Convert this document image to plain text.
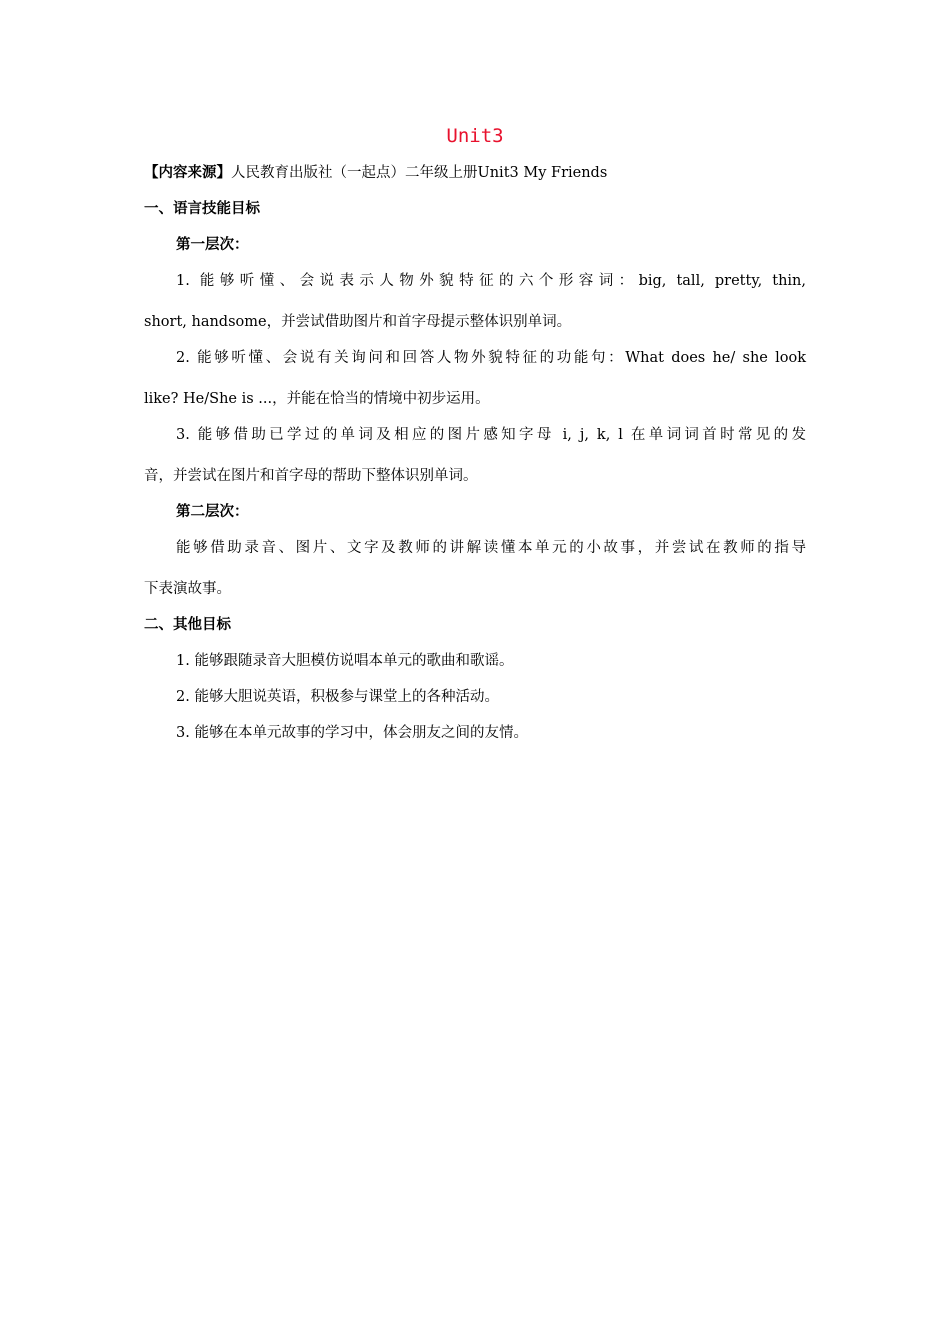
Unit3
【内容来源】人民教育出版社（一起点）二年级上册Unit3 My Friends
一、语言技能目标
第一层次：
1. 能够听懂、会说表示人物外貌特征的六个形容词：big, tall, pretty, thin,
short, handsome，并尝试借助图片和首字母提示整体识别单词。
2. 能够听懂、会说有关询问和回答人物外貌特征的功能句：What does he/ she look
like? He/She is ...，并能在恰当的情境中初步运用。
3. 能够借助已学过的单词及相应的图片感知字母 i, j, k, l 在单词词首时常见的发
音，并尝试在图片和首字母的帮助下整体识别单词。
第二层次：
能够借助录音、图片、文字及教师的讲解读懂本单元的小故事，并尝试在教师的指导
下表演故事。
二、其他目标
1. 能够跟随录音大胆模仿说唱本单元的歌曲和歌谣。
2. 能够大胆说英语，积极参与课堂上的各种活动。
3. 能够在本单元故事的学习中，体会朋友之间的友情。
